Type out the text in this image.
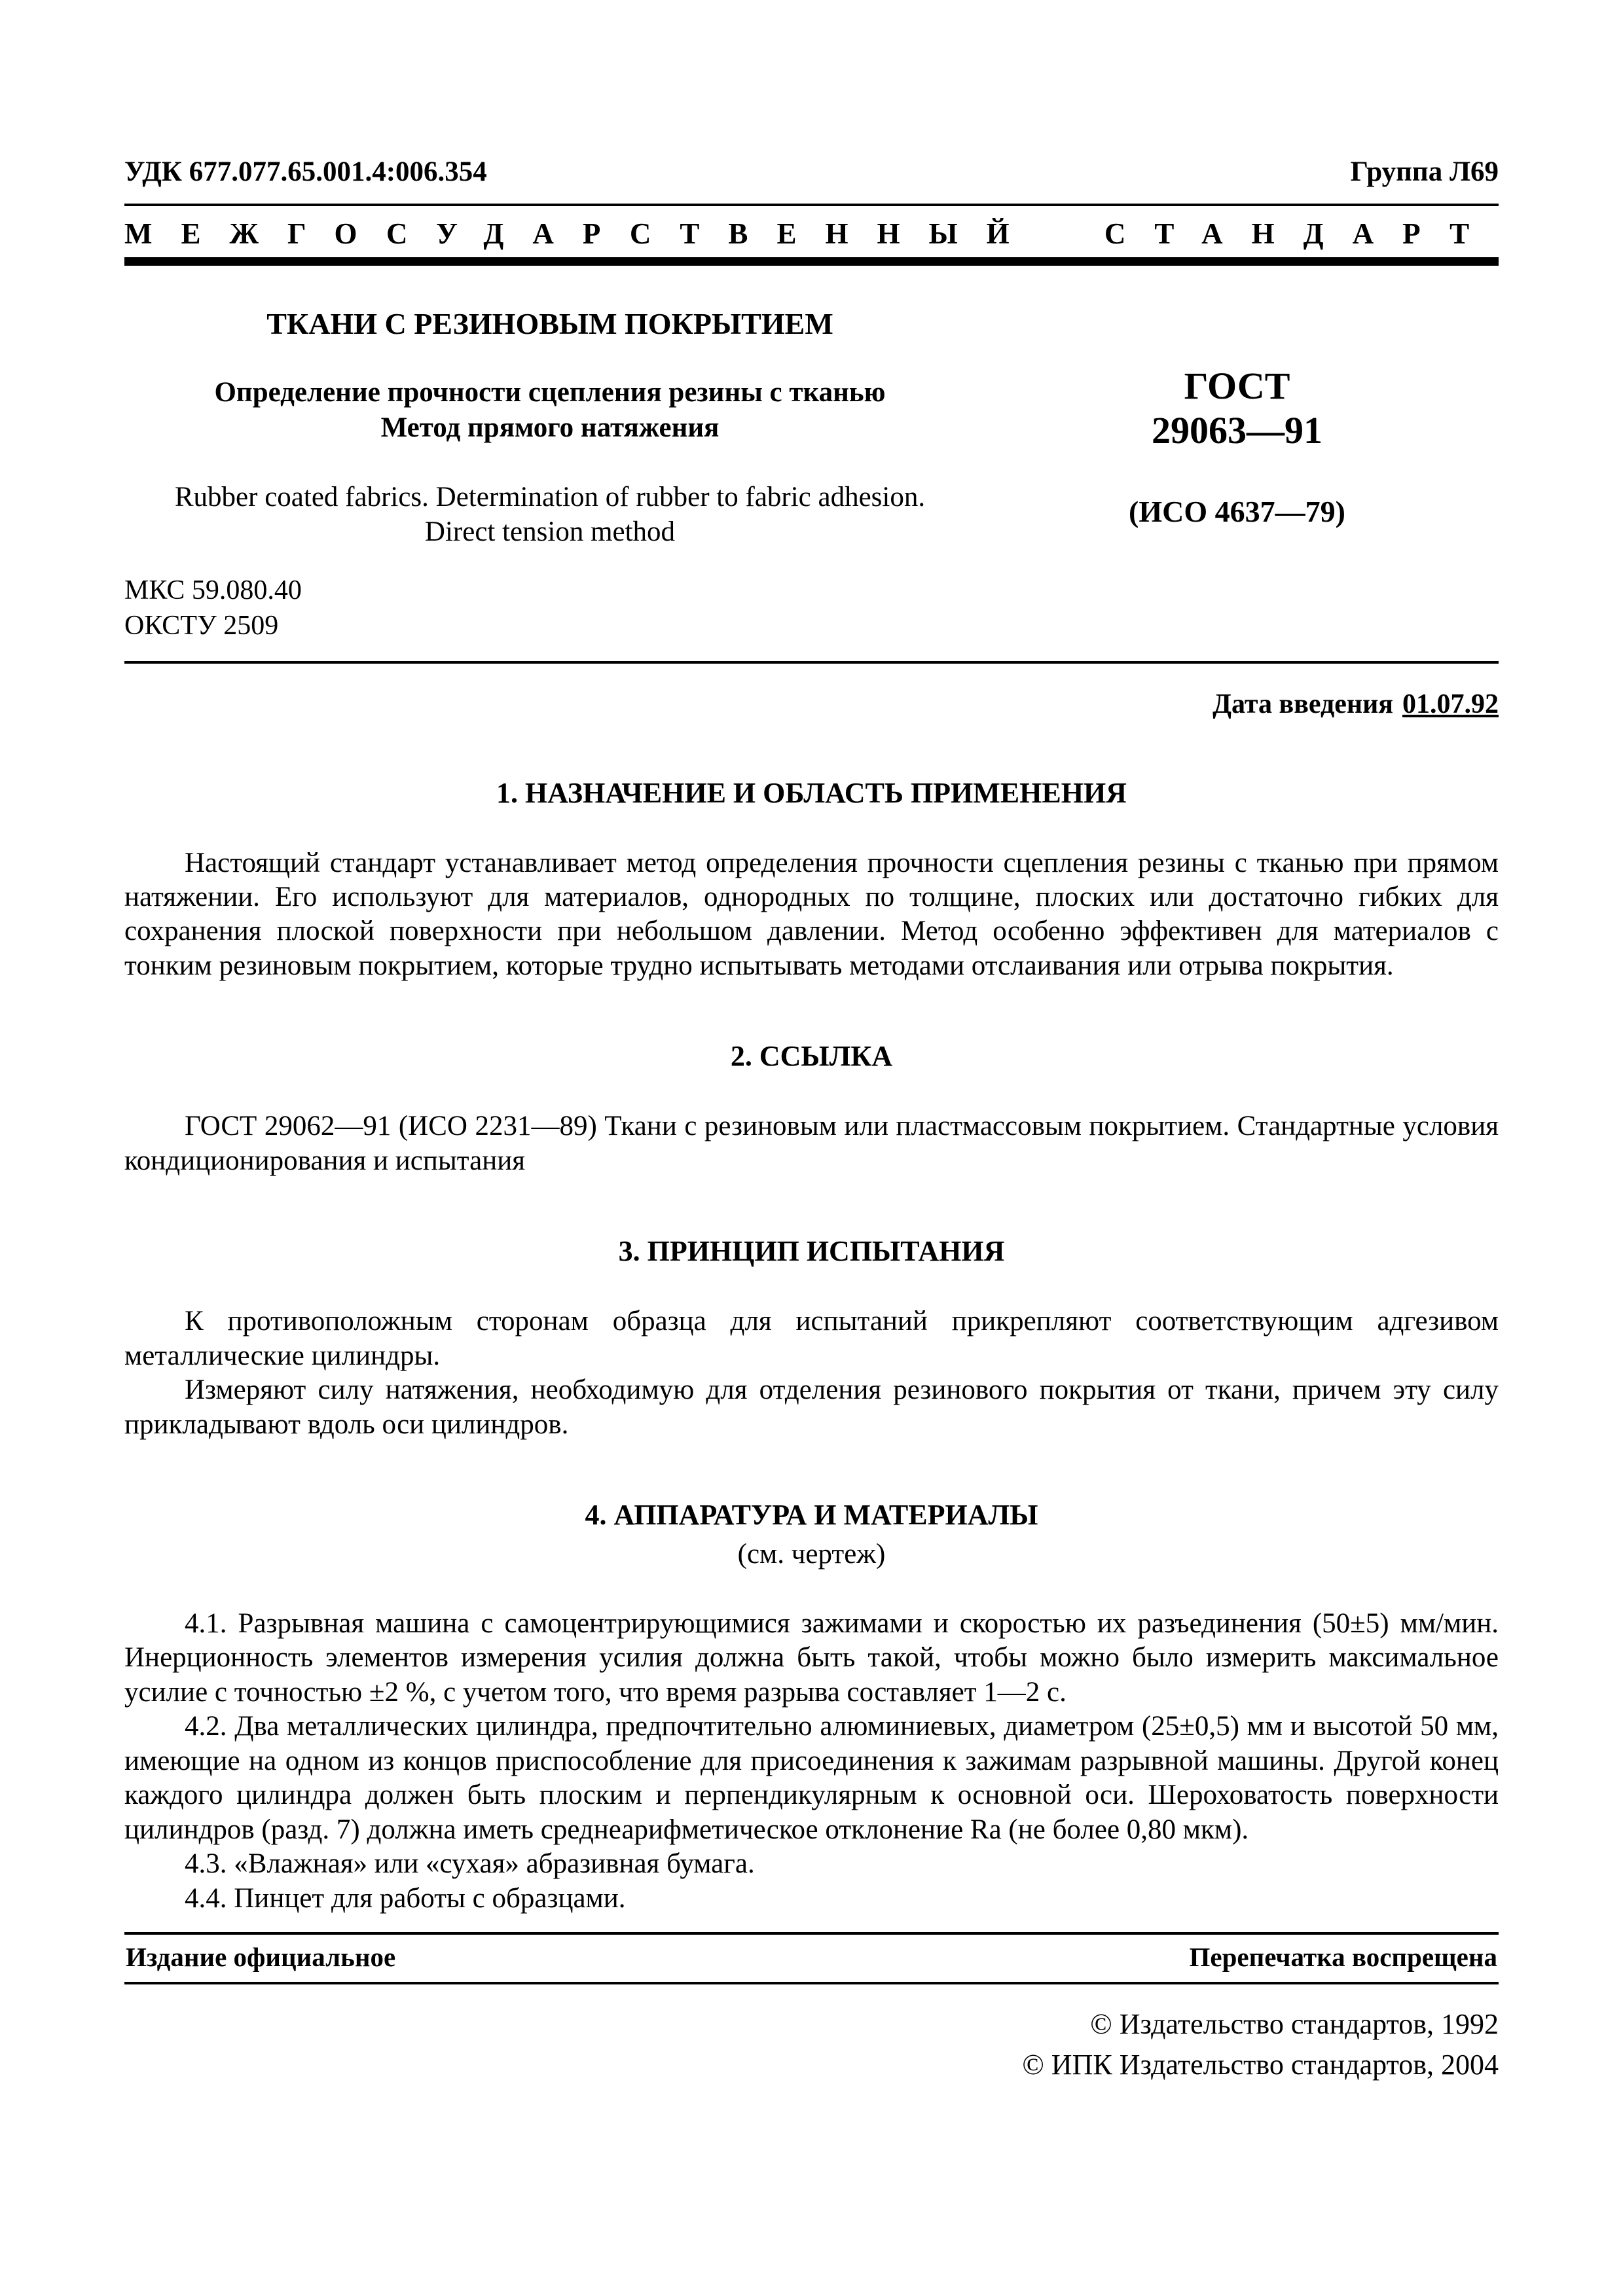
УДК 677.077.65.001.4:006.354	Группа Л69
МЕЖГОСУДАРСТВЕННЫЙ СТАНДАРТ
ТКАНИ С РЕЗИНОВЫМ ПОКРЫТИЕМ
Определение прочности сцепления резины с тканью
Метод прямого натяжения
Rubber coated fabrics. Determination of rubber to fabric adhesion.
Direct tension method
ГОСТ
29063—91
(ИСО 4637—79)
МКС 59.080.40
ОКСТУ 2509
Дата введения 01.07.92
1. НАЗНАЧЕНИЕ И ОБЛАСТЬ ПРИМЕНЕНИЯ

Настоящий стандарт устанавливает метод определения прочности сцепления резины с тканью при прямом натяжении. Его используют для материалов, однородных по толщине, плоских или достаточно гибких для сохранения плоской поверхности при небольшом давлении. Метод особенно эффективен для материалов с тонким резиновым покрытием, которые трудно испытывать методами отслаивания или отрыва покрытия.

2. ССЫЛКА

ГОСТ 29062—91 (ИСО 2231—89) Ткани с резиновым или пластмассовым покрытием. Стандартные условия кондиционирования и испытания

3. ПРИНЦИП ИСПЫТАНИЯ

К противоположным сторонам образца для испытаний прикрепляют соответствующим адгезивом металлические цилиндры.

Измеряют силу натяжения, необходимую для отделения резинового покрытия от ткани, причем эту силу прикладывают вдоль оси цилиндров.

4. АППАРАТУРА И МАТЕРИАЛЫ
(см. чертеж)

4.1. Разрывная машина с самоцентрирующимися зажимами и скоростью их разъединения (50±5) мм/мин. Инерционность элементов измерения усилия должна быть такой, чтобы можно было измерить максимальное усилие с точностью ±2 %, с учетом того, что время разрыва составляет 1—2 с.

4.2. Два металлических цилиндра, предпочтительно алюминиевых, диаметром (25±0,5) мм и высотой 50 мм, имеющие на одном из концов приспособление для присоединения к зажимам разрывной машины. Другой конец каждого цилиндра должен быть плоским и перпендикулярным к основной оси. Шероховатость поверхности цилиндров (разд. 7) должна иметь среднеарифметическое отклонение Ra (не более 0,80 мкм).

4.3. «Влажная» или «сухая» абразивная бумага.

4.4. Пинцет для работы с образцами.

Издание официальное	Перепечатка воспрещена
© Издательство стандартов, 1992
© ИПК Издательство стандартов, 2004
